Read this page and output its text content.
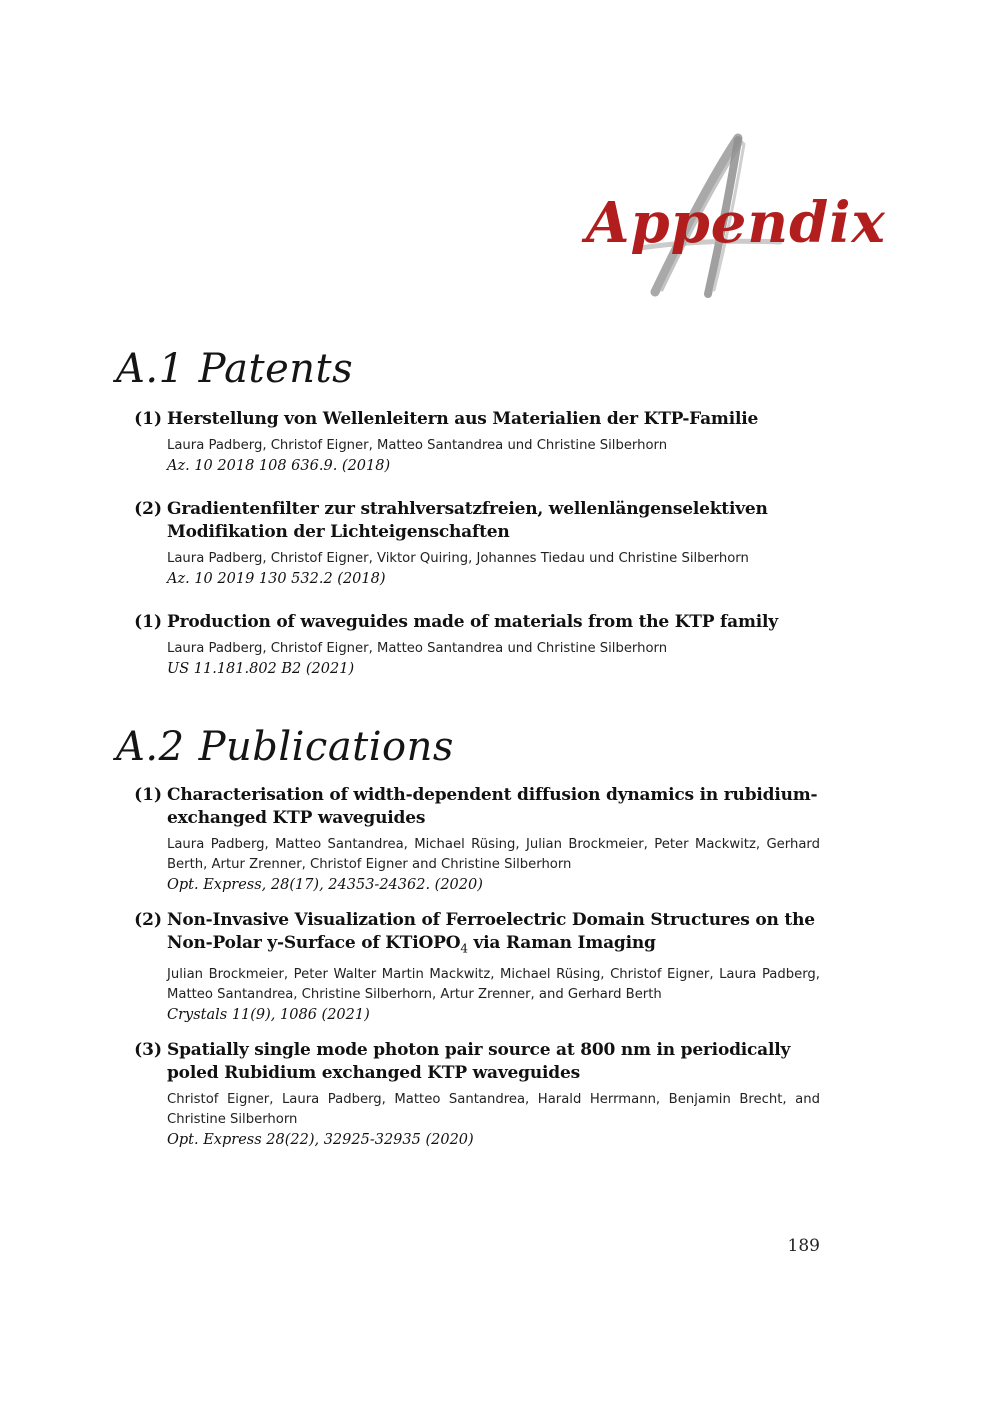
Appendix
A.1 Patents
(1) Herstellung von Wellenleitern aus Materialien der KTP-Familie
Laura Padberg, Christof Eigner, Matteo Santandrea und Christine Silberhorn
Az. 10 2018 108 636.9. (2018)
(2) Gradientenfilter zur strahlversatzfreien, wellenlängenselektiven Modifikation der Lichteigenschaften
Laura Padberg, Christof Eigner, Viktor Quiring, Johannes Tiedau und Christine Silberhorn
Az. 10 2019 130 532.2 (2018)
(1) Production of waveguides made of materials from the KTP family
Laura Padberg, Christof Eigner, Matteo Santandrea und Christine Silberhorn
US 11.181.802 B2 (2021)
A.2 Publications
(1) Characterisation of width-dependent diffusion dynamics in rubidium-exchanged KTP waveguides
Laura Padberg, Matteo Santandrea, Michael Rüsing, Julian Brockmeier, Peter Mackwitz, Gerhard Berth, Artur Zrenner, Christof Eigner and Christine Silberhorn
Opt. Express, 28(17), 24353-24362. (2020)
(2) Non-Invasive Visualization of Ferroelectric Domain Structures on the Non-Polar y-Surface of KTiOPO$_4$ via Raman Imaging
Julian Brockmeier, Peter Walter Martin Mackwitz, Michael Rüsing, Christof Eigner, Laura Padberg, Matteo Santandrea, Christine Silberhorn, Artur Zrenner, and Gerhard Berth
Crystals 11(9), 1086 (2021)
(3) Spatially single mode photon pair source at 800 nm in periodically poled Rubidium exchanged KTP waveguides
Christof Eigner, Laura Padberg, Matteo Santandrea, Harald Herrmann, Benjamin Brecht, and Christine Silberhorn
Opt. Express 28(22), 32925-32935 (2020)
189
